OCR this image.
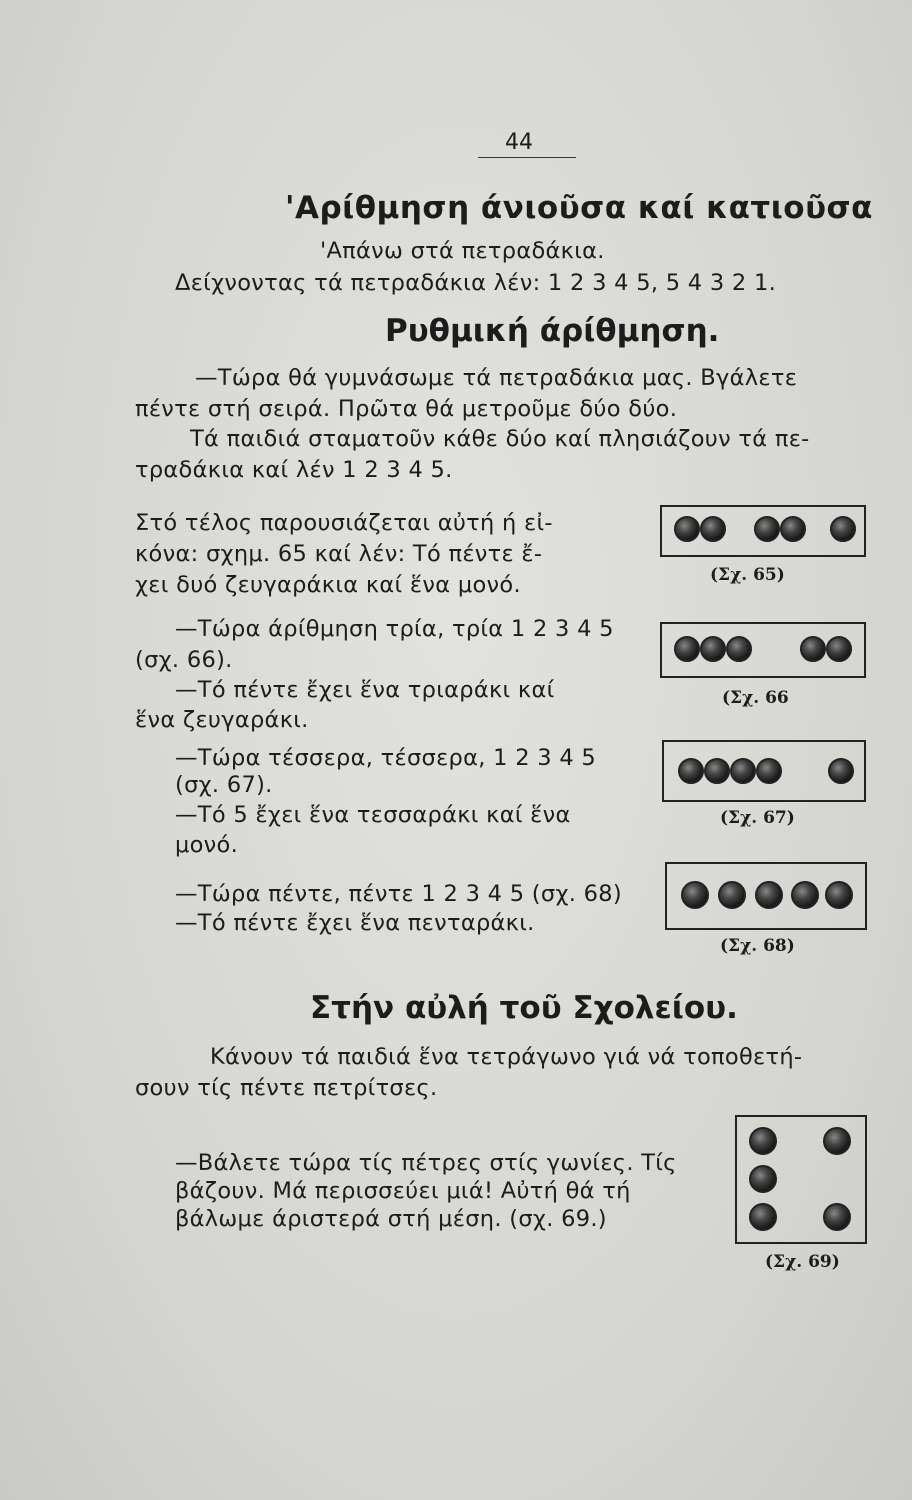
44
'Αρίθμηση άνιοῦσα καί κατιοῦσα
'Απάνω στά πετραδάκια.
Δείχνοντας τά πετραδάκια λέν: 1 2 3 4 5, 5 4 3 2 1.
Ρυθμική άρίθμηση.
—Τώρα θά γυμνάσωμε τά πετραδάκια μας. Βγάλετε
πέντε στή σειρά. Πρῶτα θά μετροῦμε δύο δύο.
Τά παιδιά σταματοῦν κάθε δύο καί πλησιάζουν τά πε-
τραδάκια καί λέν 1 2 3 4 5.
Στό τέλος παρουσιάζεται αὐτή ή εἰ-
κόνα: σχημ. 65 καί λέν: Τό πέντε ἔ-
χει δυό ζευγαράκια καί ἕνα μονό.	(Σχ. 65)
—Τώρα άρίθμηση τρία, τρία 1 2 3 4 5
(σχ. 66).
—Τό πέντε ἔχει ἕνα τριαράκι καί
ἕνα ζευγαράκι.
(Σχ. 66
—Τώρα τέσσερα, τέσσερα, 1 2 3 4 5
(σχ. 67).
—Τό 5 ἔχει ἕνα τεσσαράκι καί ἕνα
μονό.
(Σχ. 67)
—Τώρα πέντε, πέντε 1 2 3 4 5 (σχ. 68)
—Τό πέντε ἔχει ἕνα πενταράκι.
(Σχ. 68)
Στήν αὐλή τοῦ Σχολείου.
Κάνουν τά παιδιά ἕνα τετράγωνο γιά νά τοποθετή-
σουν τίς πέντε πετρίτσες.
—Βάλετε τώρα τίς πέτρες στίς γωνίες. Τίς
βάζουν. Μά περισσεύει μιά! Αὐτή θά τή
βάλωμε άριστερά στή μέση. (σχ. 69.)
(Σχ. 69)
